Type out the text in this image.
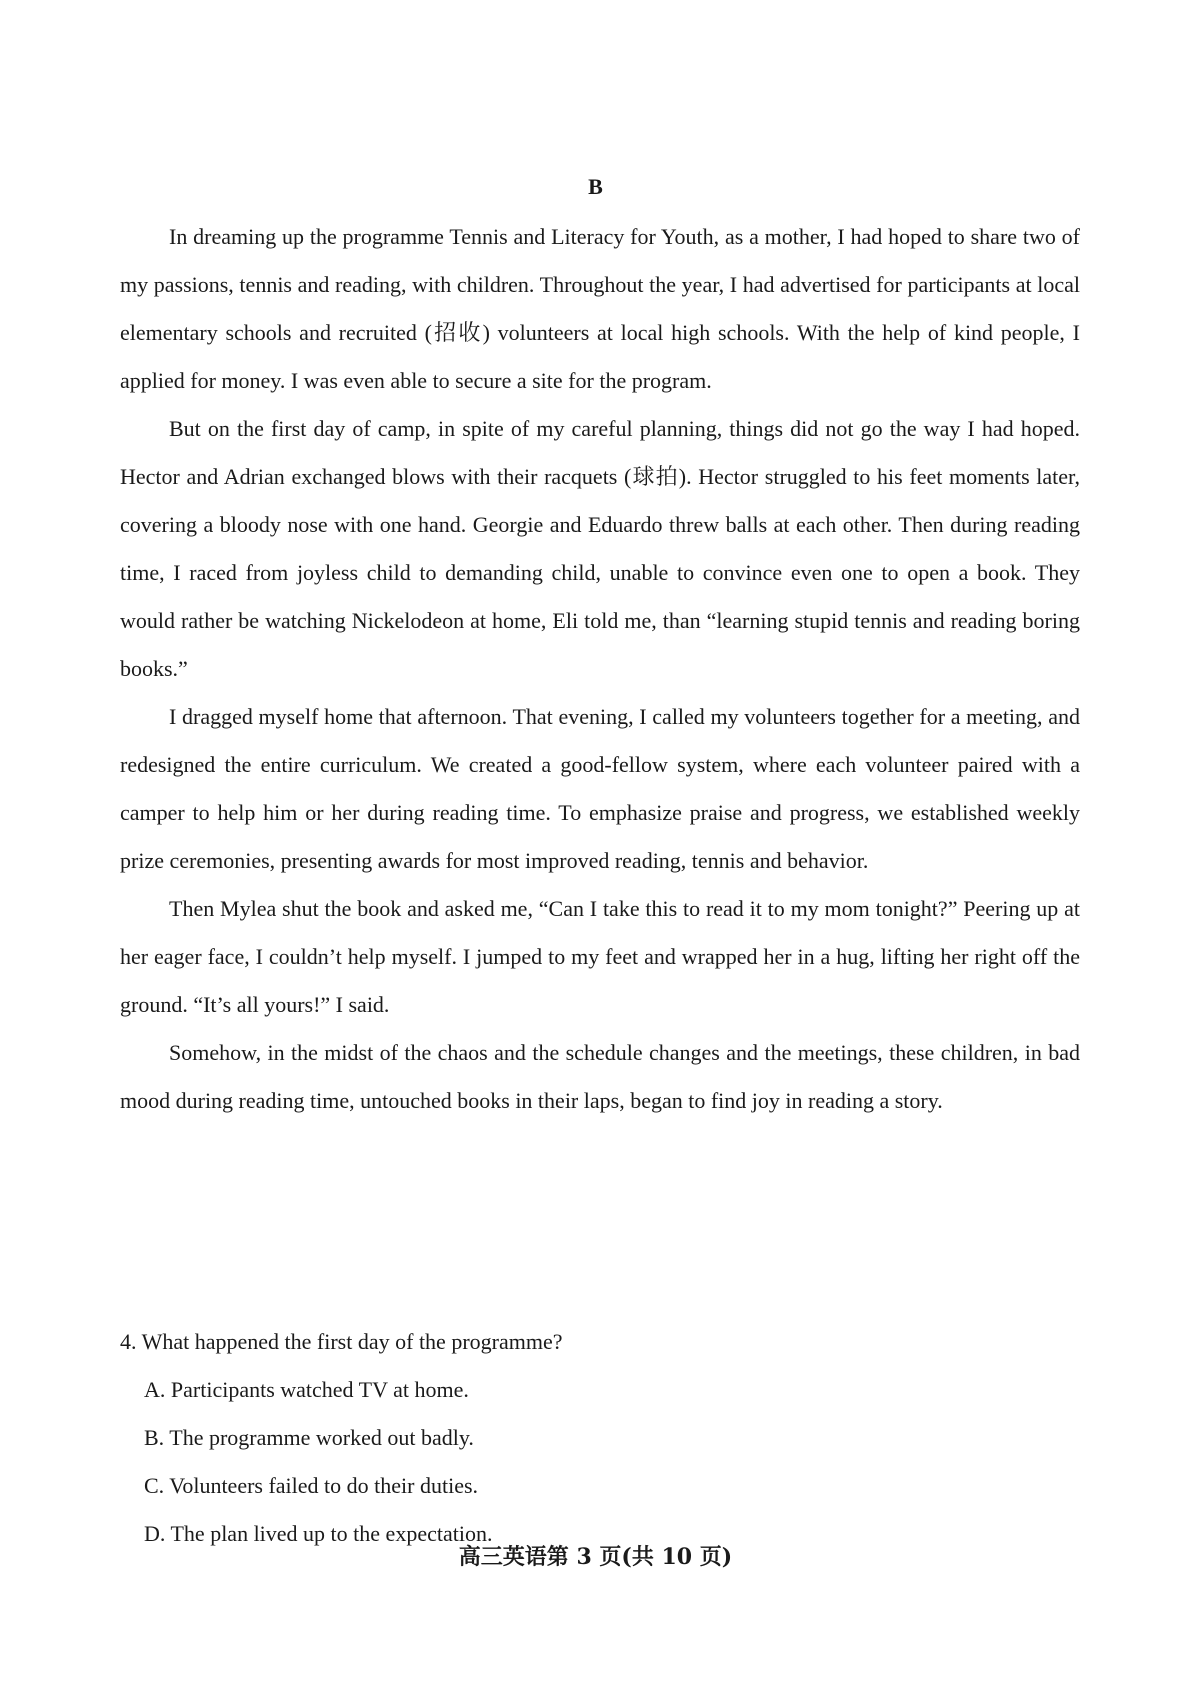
B

In dreaming up the programme Tennis and Literacy for Youth, as a mother, I had hoped to share two of my passions, tennis and reading, with children. Throughout the year, I had advertised for participants at local elementary schools and recruited (招收) volunteers at local high schools. With the help of kind people, I applied for money. I was even able to secure a site for the program.

But on the first day of camp, in spite of my careful planning, things did not go the way I had hoped. Hector and Adrian exchanged blows with their racquets (球拍). Hector struggled to his feet moments later, covering a bloody nose with one hand. Georgie and Eduardo threw balls at each other. Then during reading time, I raced from joyless child to demanding child, unable to convince even one to open a book. They would rather be watching Nickelodeon at home, Eli told me, than “learning stupid tennis and reading boring books.”

I dragged myself home that afternoon. That evening, I called my volunteers together for a meeting, and redesigned the entire curriculum. We created a good-fellow system, where each volunteer paired with a camper to help him or her during reading time. To emphasize praise and progress, we established weekly prize ceremonies, presenting awards for most improved reading, tennis and behavior.

Then Mylea shut the book and asked me, “Can I take this to read it to my mom tonight?” Peering up at her eager face, I couldn’t help myself. I jumped to my feet and wrapped her in a hug, lifting her right off the ground. “It’s all yours!” I said.

Somehow, in the midst of the chaos and the schedule changes and the meetings, these children, in bad mood during reading time, untouched books in their laps, began to find joy in reading a story.

4. What happened the first day of the programme?

A. Participants watched TV at home.

B. The programme worked out badly.

C. Volunteers failed to do their duties.

D. The plan lived up to the expectation.

高三英语第 3 页(共 10 页)
